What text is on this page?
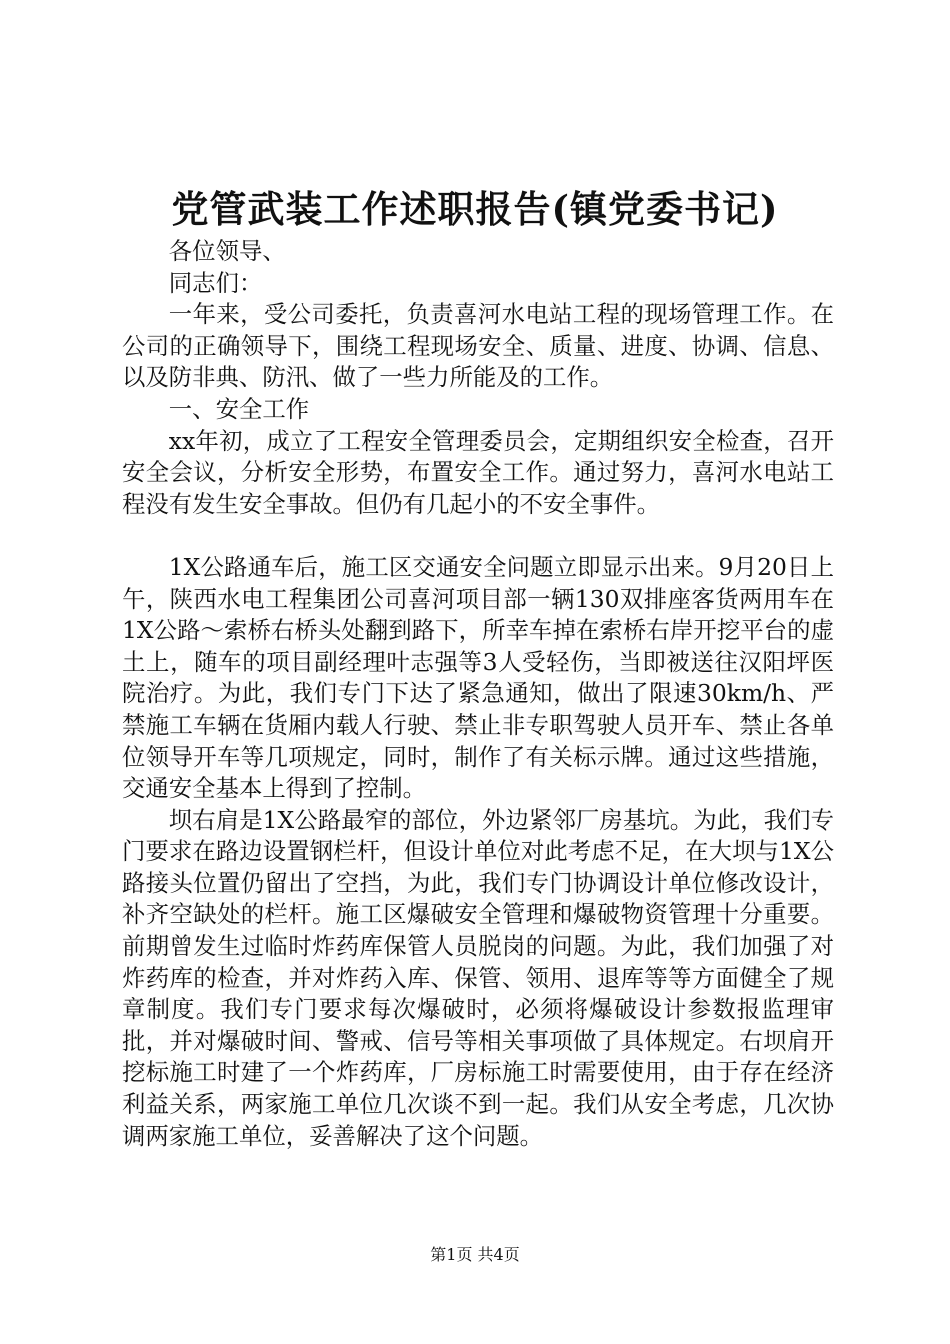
党管武装工作述职报告(镇党委书记)

各位领导、

同志们：

一年来，受公司委托，负责喜河水电站工程的现场管理工作。在公司的正确领导下，围绕工程现场安全、质量、进度、协调、信息、以及防非典、防汛、做了一些力所能及的工作。

一、安全工作

xx年初，成立了工程安全管理委员会，定期组织安全检查，召开安全会议，分析安全形势，布置安全工作。通过努力，喜河水电站工程没有发生安全事故。但仍有几起小的不安全事件。

1X公路通车后，施工区交通安全问题立即显示出来。9月20日上午，陕西水电工程集团公司喜河项目部一辆130双排座客货两用车在1X公路～索桥右桥头处翻到路下，所幸车掉在索桥右岸开挖平台的虚土上，随车的项目副经理叶志强等3人受轻伤，当即被送往汉阳坪医院治疗。为此，我们专门下达了紧急通知，做出了限速30km/h、严禁施工车辆在货厢内载人行驶、禁止非专职驾驶人员开车、禁止各单位领导开车等几项规定，同时，制作了有关标示牌。通过这些措施，交通安全基本上得到了控制。

坝右肩是1X公路最窄的部位，外边紧邻厂房基坑。为此，我们专门要求在路边设置钢栏杆，但设计单位对此考虑不足，在大坝与1X公路接头位置仍留出了空挡，为此，我们专门协调设计单位修改设计，补齐空缺处的栏杆。施工区爆破安全管理和爆破物资管理十分重要。前期曾发生过临时炸药库保管人员脱岗的问题。为此，我们加强了对炸药库的检查，并对炸药入库、保管、领用、退库等等方面健全了规章制度。我们专门要求每次爆破时，必须将爆破设计参数报监理审批，并对爆破时间、警戒、信号等相关事项做了具体规定。右坝肩开挖标施工时建了一个炸药库，厂房标施工时需要使用，由于存在经济利益关系，两家施工单位几次谈不到一起。我们从安全考虑，几次协调两家施工单位，妥善解决了这个问题。

第1页 共4页
